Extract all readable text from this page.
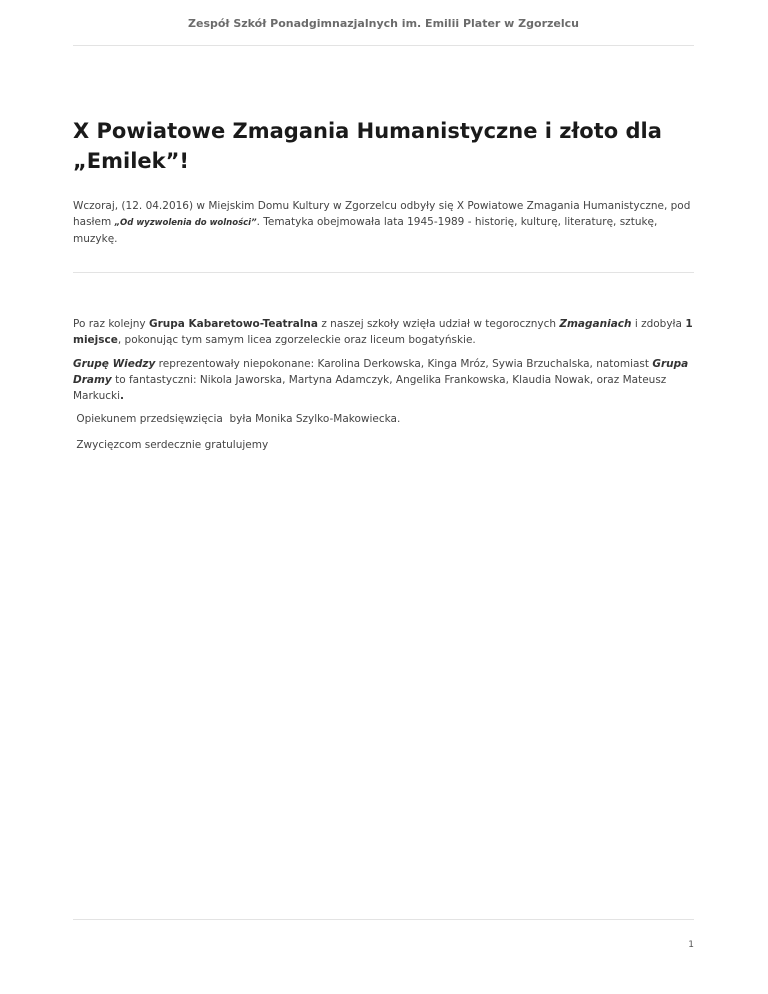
Zespół Szkół Ponadgimnazjalnych im. Emilii Plater w Zgorzelcu
X Powiatowe Zmagania Humanistyczne i złoto dla „Emilek”!

Wczoraj, (12. 04.2016) w Miejskim Domu Kultury w Zgorzelcu odbyły się X Powiatowe Zmagania Humanistyczne, pod hasłem „Od wyzwolenia do wolności”. Tematyka obejmowała lata 1945-1989 - historię, kulturę, literaturę, sztukę, muzykę.

Po raz kolejny Grupa Kabaretowo-Teatralna z naszej szkoły wzięła udział w tegorocznych Zmaganiach i zdobyła 1 miejsce, pokonując tym samym licea zgorzeleckie oraz liceum bogatyńskie.

Grupę Wiedzy reprezentowały niepokonane: Karolina Derkowska, Kinga Mróz, Sywia Brzuchalska, natomiast Grupa Dramy to fantastyczni: Nikola Jaworska, Martyna Adamczyk, Angelika Frankowska, Klaudia Nowak, oraz Mateusz Markucki.

Opiekunem przedsięwzięcia  była Monika Szylko-Makowiecka.

Zwycięzcom serdecznie gratulujemy

1
